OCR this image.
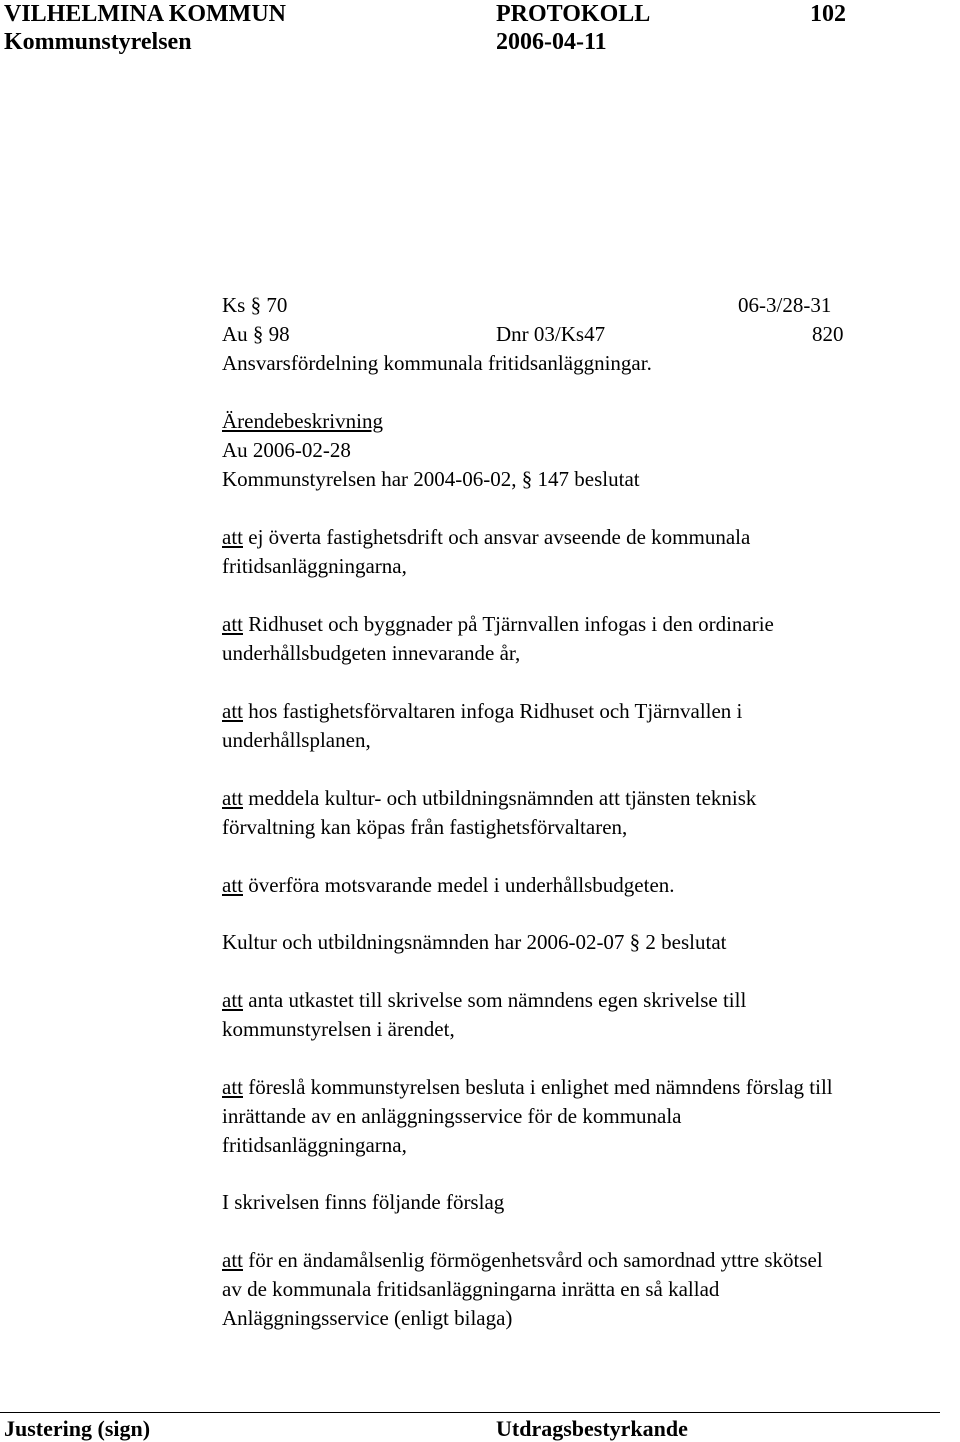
VILHELMINA KOMMUN	PROTOKOLL	102
Kommunstyrelsen	2006-04-11
Ks § 70	06-3/28-31
Au § 98	Dnr 03/Ks47	820
Ansvarsfördelning kommunala fritidsanläggningar.
Ärendebeskrivning
Au 2006-02-28
Kommunstyrelsen har 2004-06-02, § 147 beslutat
att ej överta fastighetsdrift och ansvar avseende de kommunala
fritidsanläggningarna,
att Ridhuset och byggnader på Tjärnvallen infogas i den ordinarie
underhållsbudgeten innevarande år,
att hos fastighetsförvaltaren infoga Ridhuset och Tjärnvallen i
underhållsplanen,
att meddela kultur- och utbildningsnämnden att tjänsten teknisk
förvaltning kan köpas från fastighetsförvaltaren,
att överföra motsvarande medel i underhållsbudgeten.
Kultur och utbildningsnämnden har 2006-02-07 § 2 beslutat
att anta utkastet till skrivelse som nämndens egen skrivelse till
kommunstyrelsen i ärendet,
att föreslå kommunstyrelsen besluta i enlighet med nämndens förslag till
inrättande av en anläggningsservice för de kommunala
fritidsanläggningarna,
I skrivelsen finns följande förslag
att för en ändamålsenlig förmögenhetsvård och samordnad yttre skötsel
av de kommunala fritidsanläggningarna inrätta en så kallad
Anläggningsservice (enligt bilaga)
Justering (sign)	Utdragsbestyrkande
